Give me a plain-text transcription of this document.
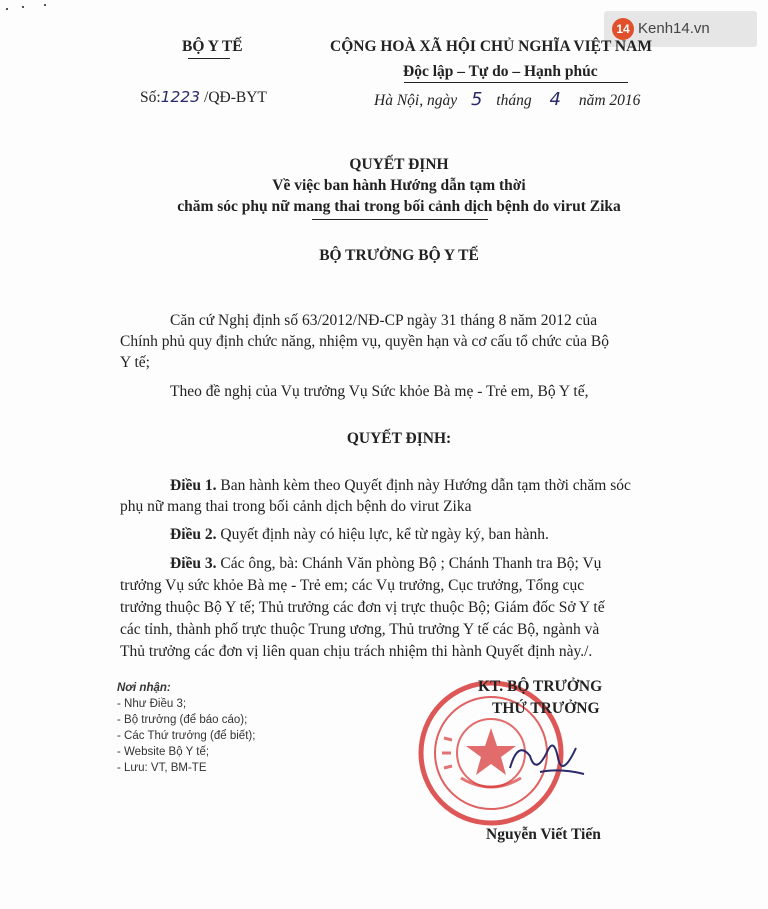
14 Kenh14.vn
BỘ Y TẾ
Số:1223 /QĐ-BYT
CỘNG HOÀ XÃ HỘI CHỦ NGHĨA VIỆT NAM
Độc lập – Tự do – Hạnh phúc
Hà Nội, ngày 5 tháng 4 năm 2016
QUYẾT ĐỊNH
Về việc ban hành Hướng dẫn tạm thời
chăm sóc phụ nữ mang thai trong bối cảnh dịch bệnh do virut Zika
BỘ TRƯỞNG BỘ Y TẾ
Căn cứ Nghị định số 63/2012/NĐ-CP ngày 31 tháng 8 năm 2012 của
Chính phủ quy định chức năng, nhiệm vụ, quyền hạn và cơ cấu tổ chức của Bộ
Y tế;
Theo đề nghị của Vụ trưởng Vụ Sức khỏe Bà mẹ - Trẻ em, Bộ Y tế,
QUYẾT ĐỊNH:
Điều 1. Ban hành kèm theo Quyết định này Hướng dẫn tạm thời chăm sóc
phụ nữ mang thai trong bối cảnh dịch bệnh do virut Zika
Điều 2. Quyết định này có hiệu lực, kể từ ngày ký, ban hành.
Điều 3. Các ông, bà: Chánh Văn phòng Bộ ; Chánh Thanh tra Bộ; Vụ
trưởng Vụ sức khỏe Bà mẹ - Trẻ em; các Vụ trưởng, Cục trưởng, Tổng cục
trưởng thuộc Bộ Y tế; Thủ trưởng các đơn vị trực thuộc Bộ; Giám đốc Sở Y tế
các tỉnh, thành phố trực thuộc Trung ương, Thủ trưởng Y tế các Bộ, ngành và
Thủ trưởng các đơn vị liên quan chịu trách nhiệm thi hành Quyết định này./.
Nơi nhận:
- Như Điều 3;
- Bộ trưởng (để báo cáo);
- Các Thứ trưởng (để biết);
- Website Bộ Y tế;
- Lưu: VT, BM-TE
KT. BỘ TRƯỞNG
THỨ TRƯỞNG
Nguyễn Viết Tiến
